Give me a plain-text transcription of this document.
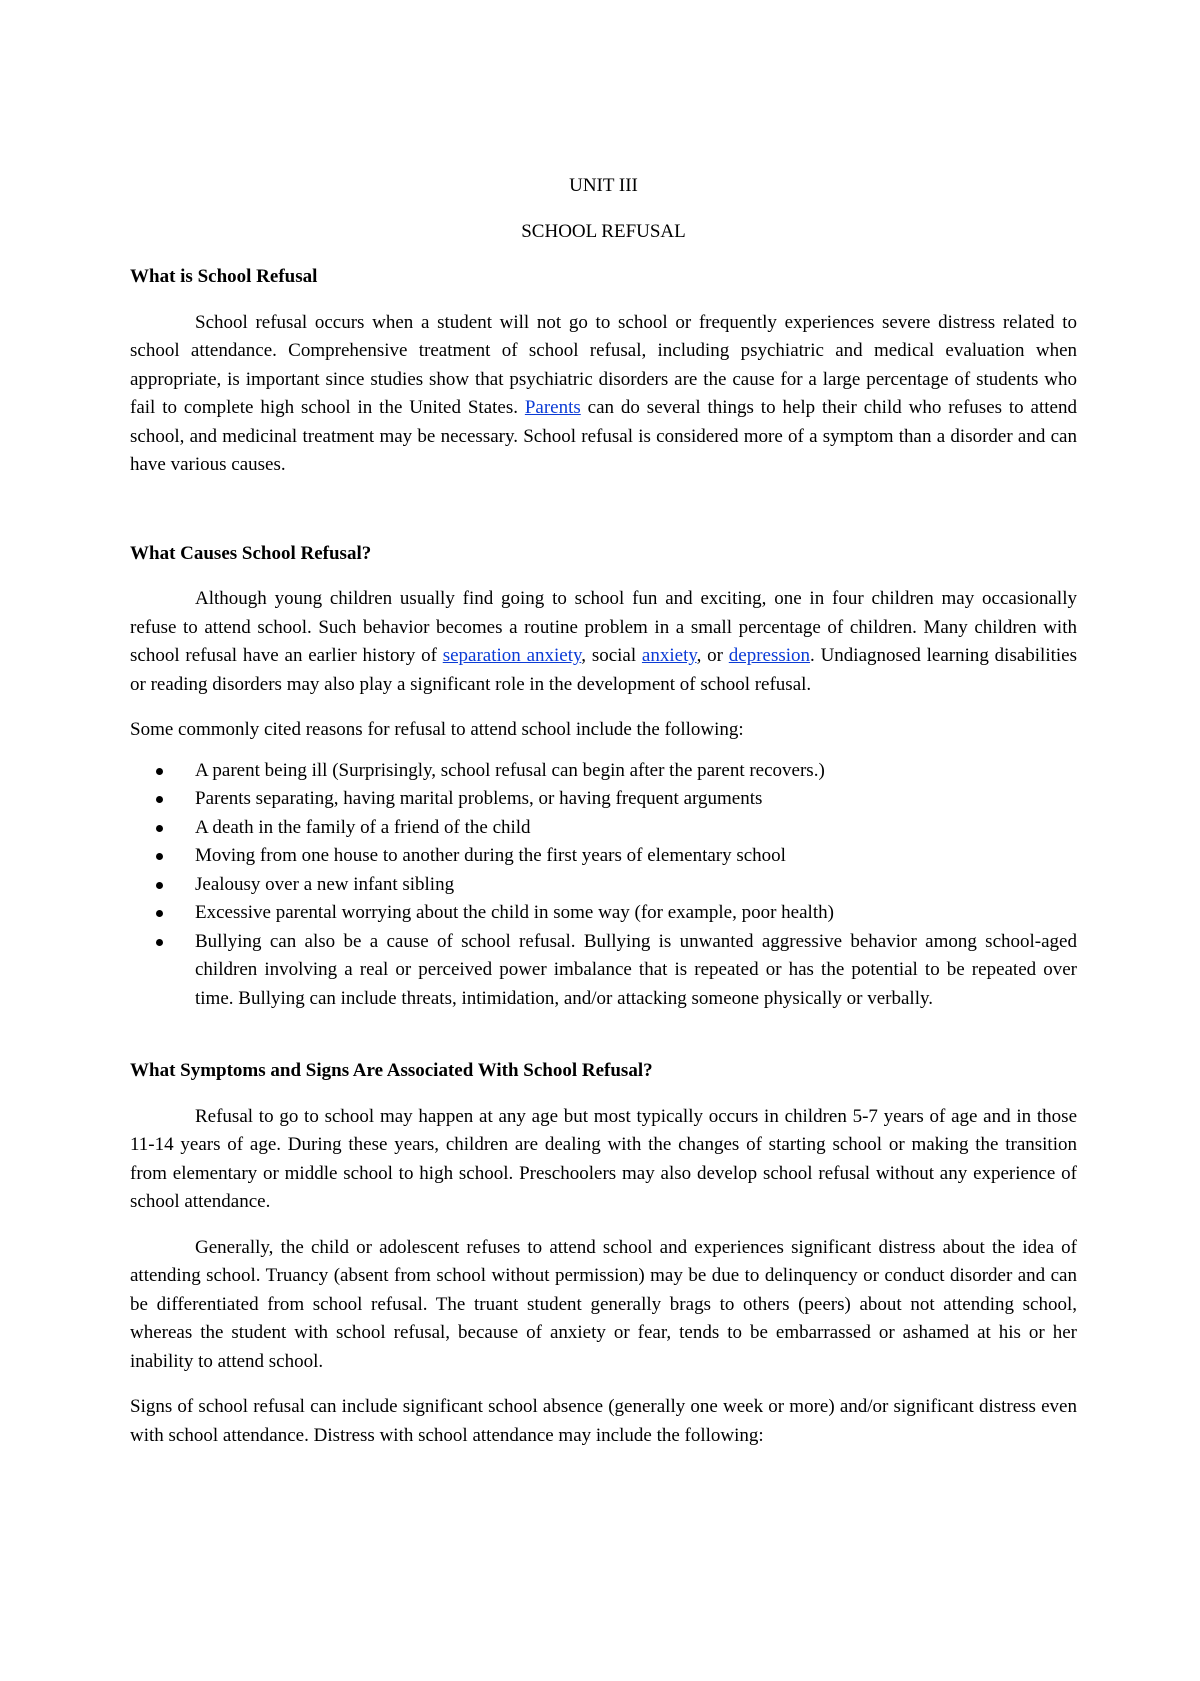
UNIT III

SCHOOL REFUSAL

What is School Refusal

School refusal occurs when a student will not go to school or frequently experiences severe distress related to school attendance. Comprehensive treatment of school refusal, including psychiatric and medical evaluation when appropriate, is important since studies show that psychiatric disorders are the cause for a large percentage of students who fail to complete high school in the United States. Parents can do several things to help their child who refuses to attend school, and medicinal treatment may be necessary. School refusal is considered more of a symptom than a disorder and can have various causes.

What Causes School Refusal?

Although young children usually find going to school fun and exciting, one in four children may occasionally refuse to attend school. Such behavior becomes a routine problem in a small percentage of children. Many children with school refusal have an earlier history of separation anxiety, social anxiety, or depression. Undiagnosed learning disabilities or reading disorders may also play a significant role in the development of school refusal.

Some commonly cited reasons for refusal to attend school include the following:

A parent being ill (Surprisingly, school refusal can begin after the parent recovers.)
Parents separating, having marital problems, or having frequent arguments
A death in the family of a friend of the child
Moving from one house to another during the first years of elementary school
Jealousy over a new infant sibling
Excessive parental worrying about the child in some way (for example, poor health)
Bullying can also be a cause of school refusal. Bullying is unwanted aggressive behavior among school-aged children involving a real or perceived power imbalance that is repeated or has the potential to be repeated over time. Bullying can include threats, intimidation, and/or attacking someone physically or verbally.
What Symptoms and Signs Are Associated With School Refusal?

Refusal to go to school may happen at any age but most typically occurs in children 5-7 years of age and in those 11-14 years of age. During these years, children are dealing with the changes of starting school or making the transition from elementary or middle school to high school. Preschoolers may also develop school refusal without any experience of school attendance.

Generally, the child or adolescent refuses to attend school and experiences significant distress about the idea of attending school. Truancy (absent from school without permission) may be due to delinquency or conduct disorder and can be differentiated from school refusal. The truant student generally brags to others (peers) about not attending school, whereas the student with school refusal, because of anxiety or fear, tends to be embarrassed or ashamed at his or her inability to attend school.

Signs of school refusal can include significant school absence (generally one week or more) and/or significant distress even with school attendance. Distress with school attendance may include the following:
